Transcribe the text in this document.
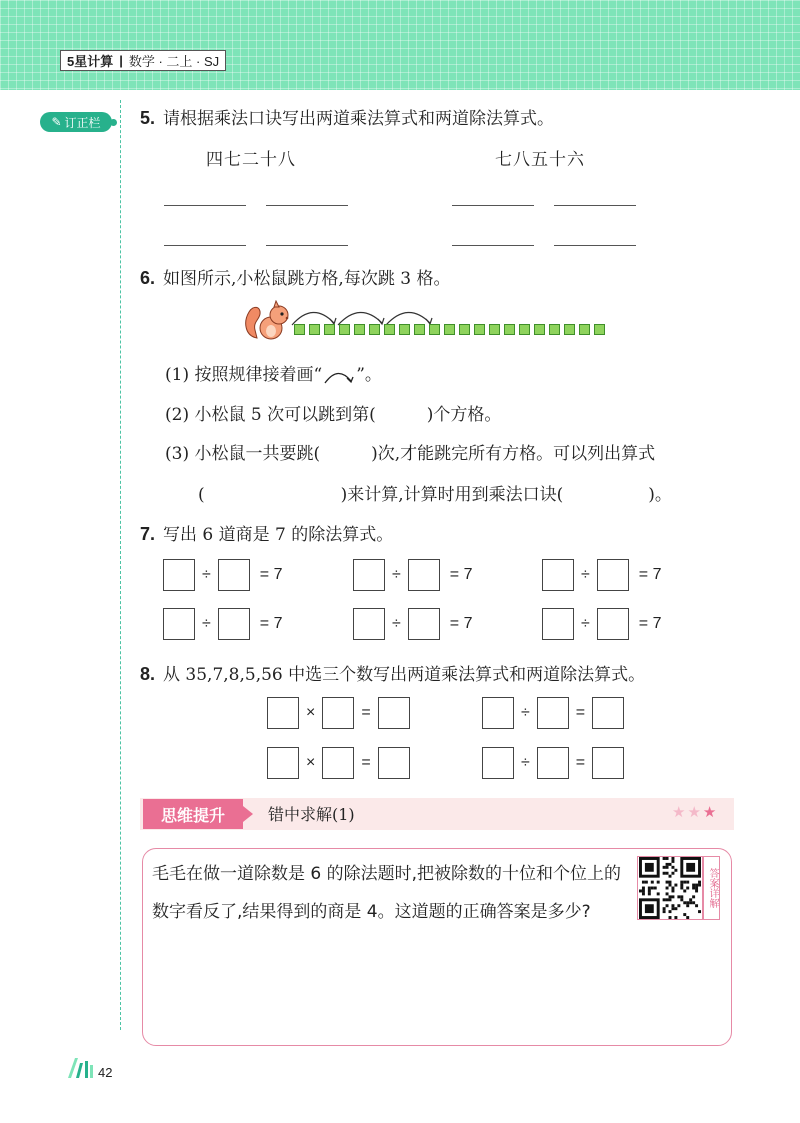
5星计算 | 数学 · 二上 · SJ
✎ 订正栏 5. 请根据乘法口诀写出两道乘法算式和两道除法算式。
四七二十八	七八五十六
6. 如图所示,小松鼠跳方格,每次跳 3 格。
(1) 按照规律接着画“ ”。
(2) 小松鼠 5 次可以跳到第(　　　)个方格。
(3) 小松鼠一共要跳(　　　)次,才能跳完所有方格。可以列出算式
(　　　　　　　　)来计算,计算时用到乘法口诀(　　　　　)。
7. 写出 6 道商是 7 的除法算式。
÷	= 7	÷	= 7	÷	= 7
÷	= 7	÷	= 7	÷	= 7
8. 从 35,7,8,5,56 中选三个数写出两道乘法算式和两道除法算式。
×	=
×	=
÷	=
÷	=
思维提升	错中求解(1)	★★★
毛毛在做一道除数是 6 的除法题时,把被除数的十位和个位上的数字看反了,结果得到的商是 4。这道题的正确答案是多少?
答案详解
42
